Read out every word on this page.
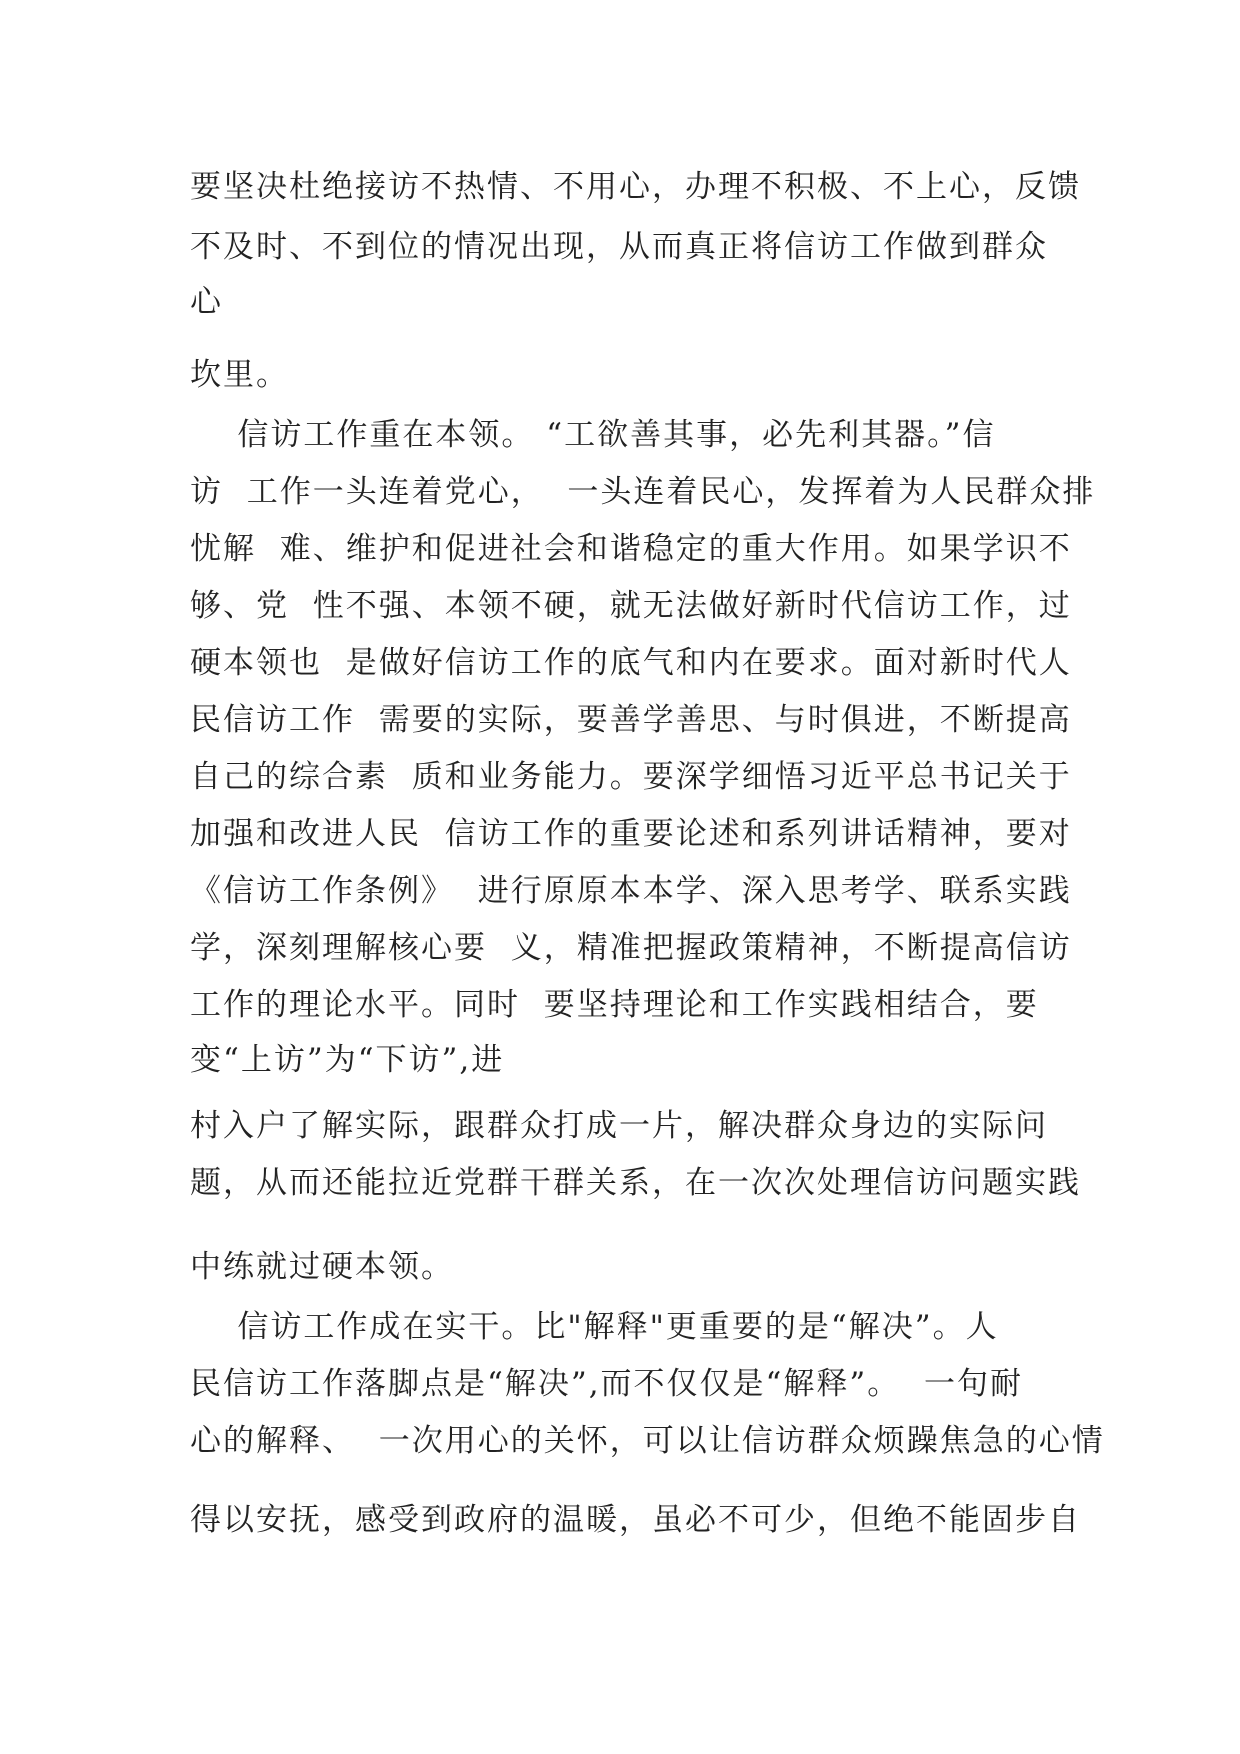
要坚决杜绝接访不热情、不用心，办理不积极、不上心，反馈
不及时、不到位的情况出现，从而真正将信访工作做到群众
心
坎里。
信访工作重在本领。 “工欲善其事，必先利其器。”信
访  工作一头连着党心，  一头连着民心，发挥着为人民群众排
忧解  难、维护和促进社会和谐稳定的重大作用。如果学识不
够、党  性不强、本领不硬，就无法做好新时代信访工作，过
硬本领也  是做好信访工作的底气和内在要求。面对新时代人
民信访工作  需要的实际，要善学善思、与时俱进，不断提高
自己的综合素  质和业务能力。要深学细悟习近平总书记关于
加强和改进人民  信访工作的重要论述和系列讲话精神，要对
《信访工作条例》  进行原原本本学、深入思考学、联系实践
学，深刻理解核心要  义，精准把握政策精神，不断提高信访
工作的理论水平。同时  要坚持理论和工作实践相结合，要
变“上访”为“下访”,进
村入户了解实际，跟群众打成一片，解决群众身边的实际问
题，从而还能拉近党群干群关系，在一次次处理信访问题实践
中练就过硬本领。
信访工作成在实干。比"解释"更重要的是“解决”。人
民信访工作落脚点是“解决”,而不仅仅是“解释”。  一句耐
心的解释、  一次用心的关怀，可以让信访群众烦躁焦急的心情
得以安抚，感受到政府的温暖，虽必不可少，但绝不能固步自
